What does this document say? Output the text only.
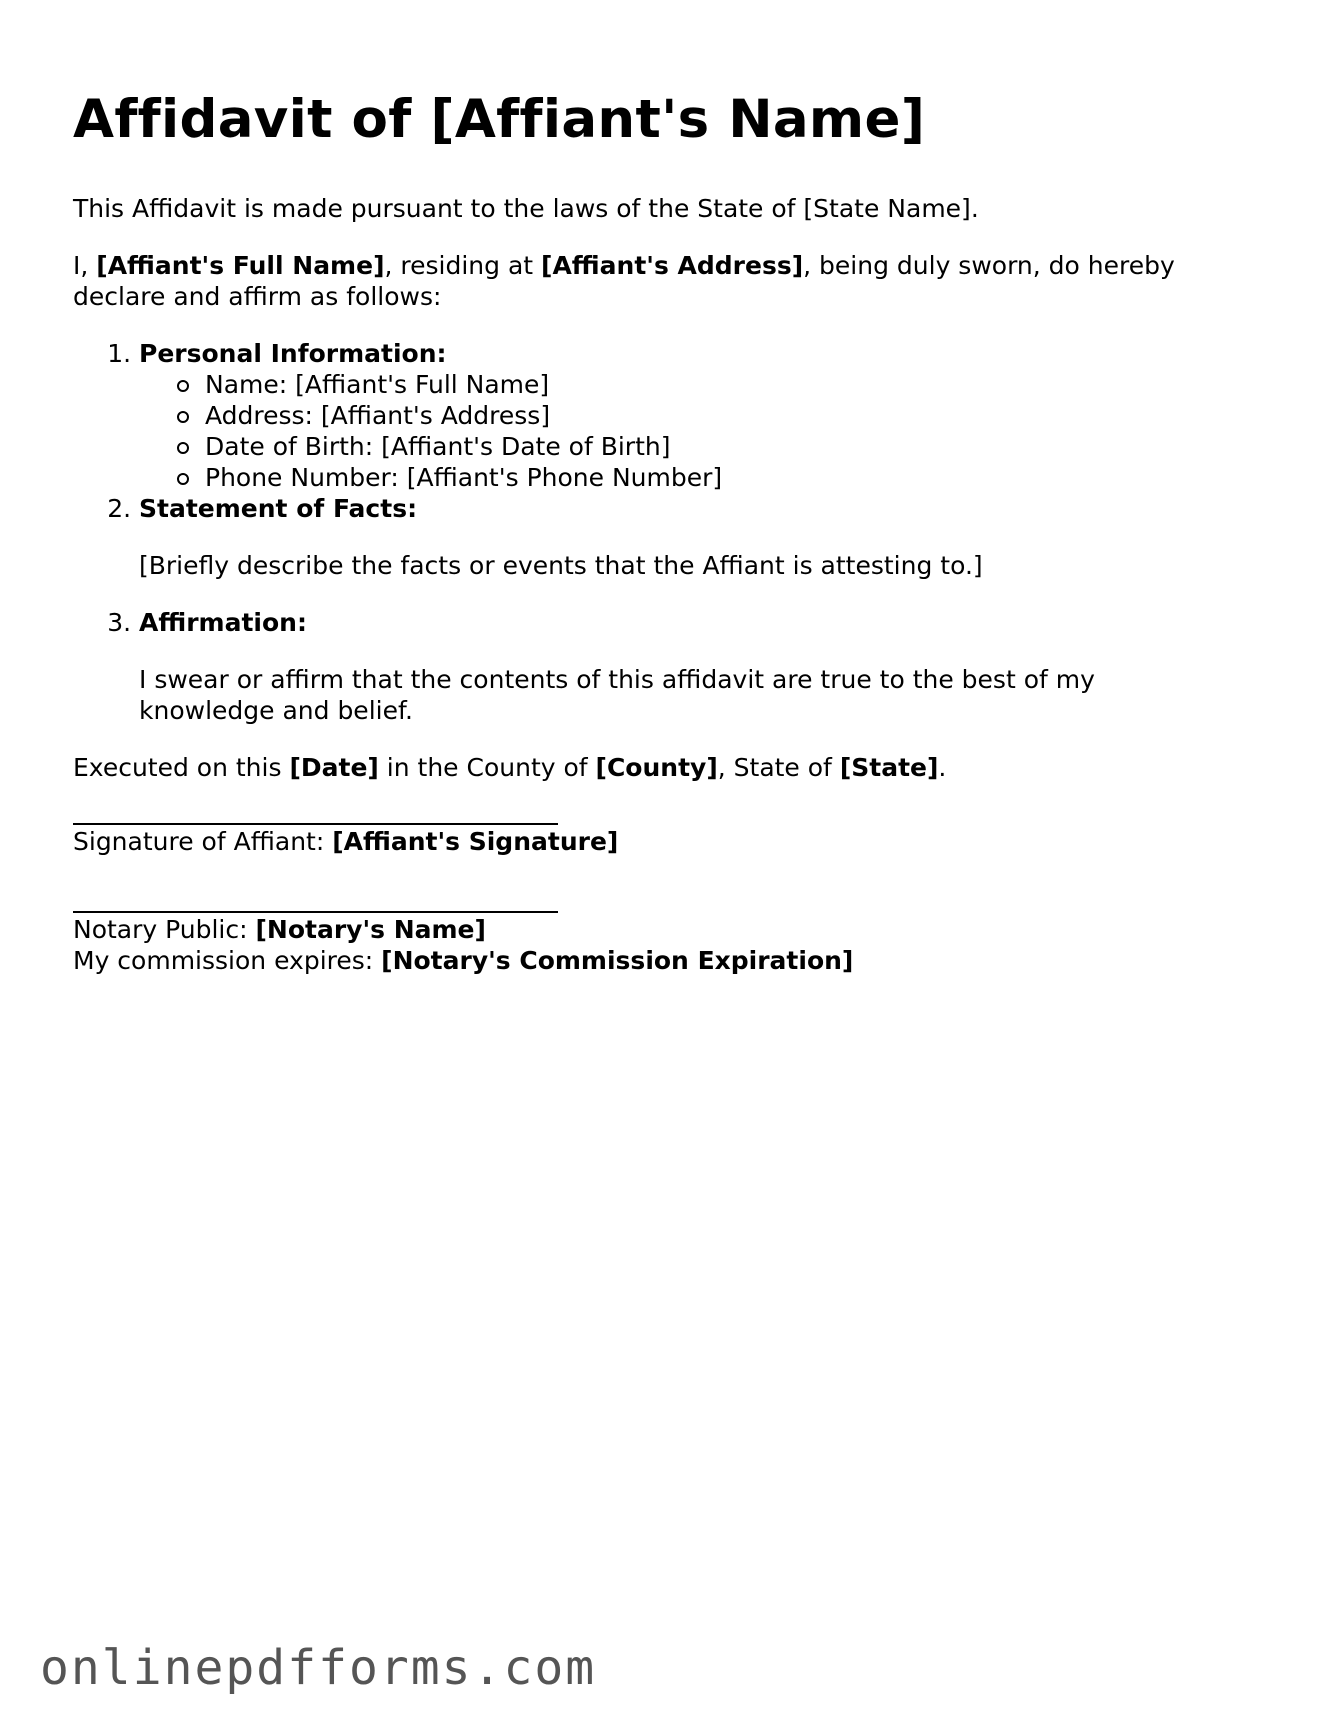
Affidavit of [Affiant's Name]

This Affidavit is made pursuant to the laws of the State of [State Name].

I, [Affiant's Full Name], residing at [Affiant's Address], being duly sworn, do hereby declare and affirm as follows:

1. Personal Information:
Name: [Affiant's Full Name]
Address: [Affiant's Address]
Date of Birth: [Affiant's Date of Birth]
Phone Number: [Affiant's Phone Number]
2. Statement of Facts:

[Briefly describe the facts or events that the Affiant is attesting to.]

3. Affirmation:

I swear or affirm that the contents of this affidavit are true to the best of my knowledge and belief.

Executed on this [Date] in the County of [County], State of [State].

Signature of Affiant: [Affiant's Signature]

Notary Public: [Notary's Name]

My commission expires: [Notary's Commission Expiration]

onlinepdfforms.com
